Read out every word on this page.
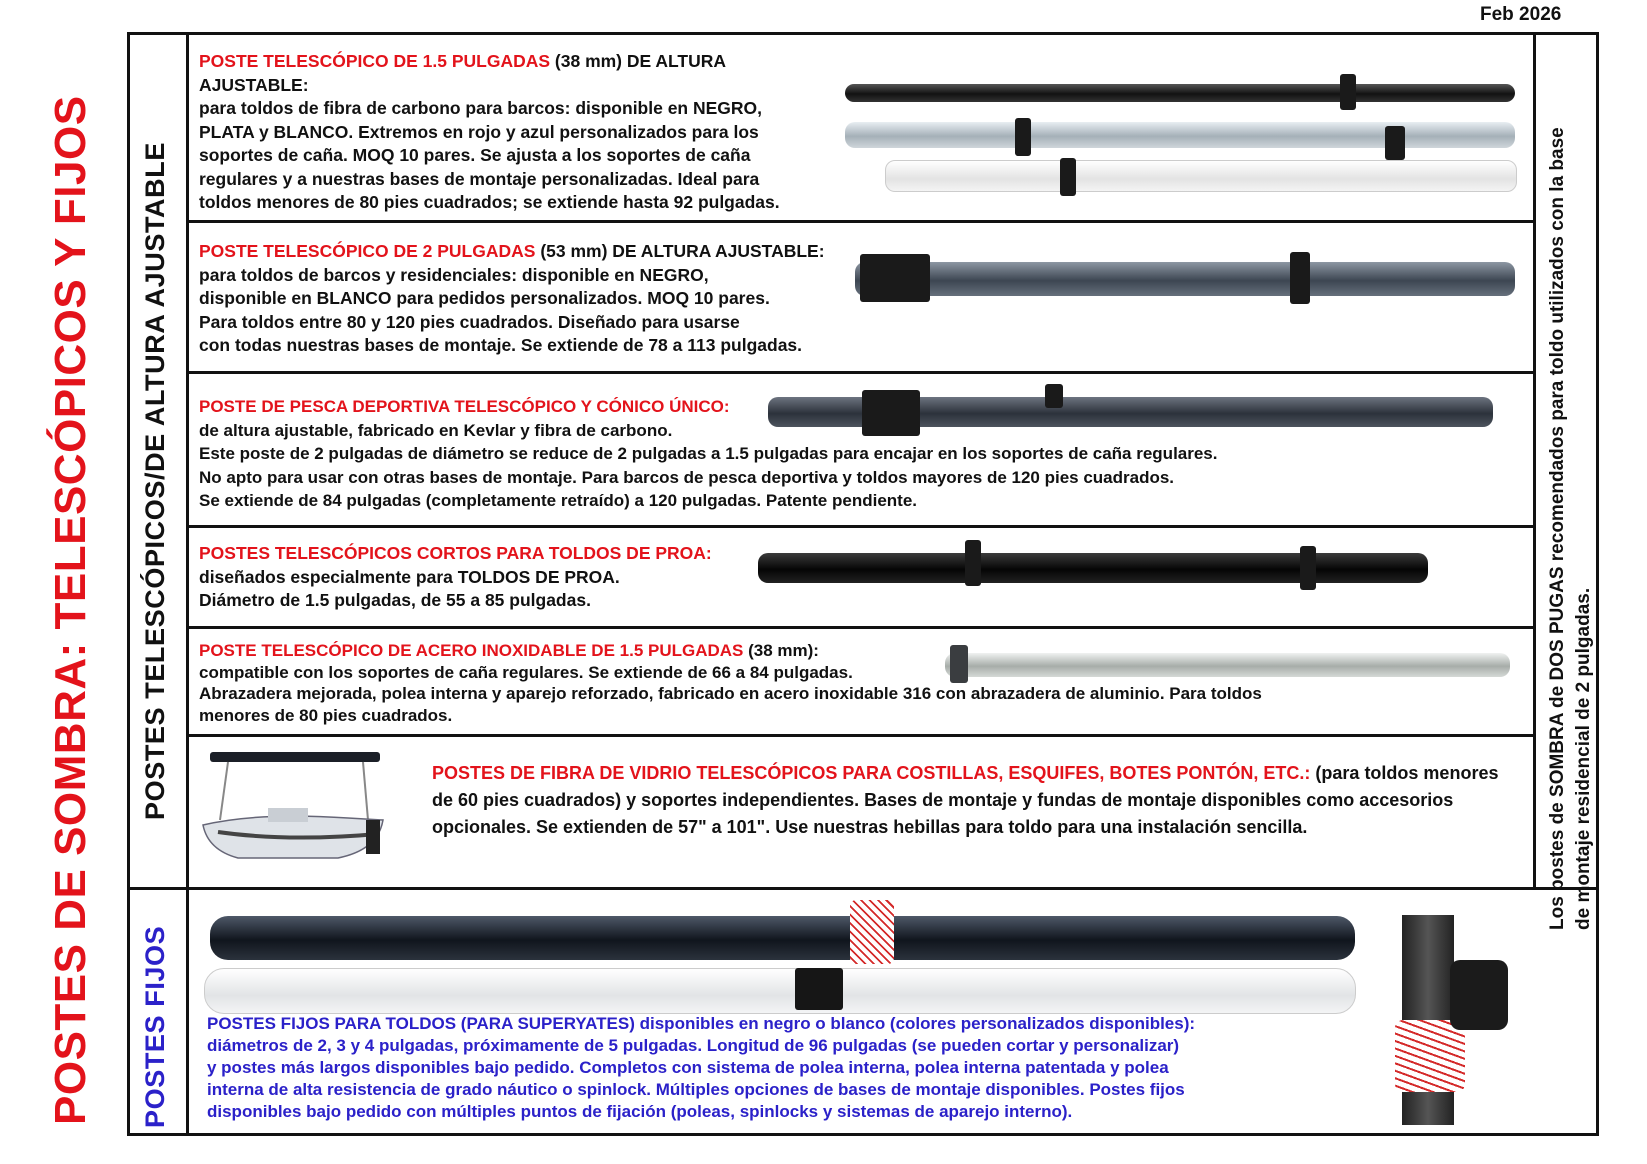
Feb 2026
POSTES DE SOMBRA: TELESCÓPICOS Y FIJOS POSTES TELESCÓPICOS/DE ALTURA AJUSTABLE
POSTES FIJOS
Los postes de SOMBRA de DOS PUGAS recomendados para toldo utilizados con la base de montaje residencial de 2 pulgadas.
POSTE TELESCÓPICO DE 1.5 PULGADAS (38 mm) DE ALTURA AJUSTABLE:
para toldos de fibra de carbono para barcos: disponible en NEGRO,
PLATA y BLANCO. Extremos en rojo y azul personalizados para los
soportes de caña. MOQ 10 pares. Se ajusta a los soportes de caña
regulares y a nuestras bases de montaje personalizadas. Ideal para
toldos menores de 80 pies cuadrados; se extiende hasta 92 pulgadas.
POSTE TELESCÓPICO DE 2 PULGADAS (53 mm) DE ALTURA AJUSTABLE:
para toldos de barcos y residenciales: disponible en NEGRO,
disponible en BLANCO para pedidos personalizados. MOQ 10 pares.
Para toldos entre 80 y 120 pies cuadrados. Diseñado para usarse
con todas nuestras bases de montaje. Se extiende de 78 a 113 pulgadas.
POSTE DE PESCA DEPORTIVA TELESCÓPICO Y CÓNICO ÚNICO:
de altura ajustable, fabricado en Kevlar y fibra de carbono.
Este poste de 2 pulgadas de diámetro se reduce de 2 pulgadas a 1.5 pulgadas para encajar en los soportes de caña regulares.
No apto para usar con otras bases de montaje. Para barcos de pesca deportiva y toldos mayores de 120 pies cuadrados.
Se extiende de 84 pulgadas (completamente retraído) a 120 pulgadas. Patente pendiente.
POSTES TELESCÓPICOS CORTOS PARA TOLDOS DE PROA:
diseñados especialmente para TOLDOS DE PROA.
Diámetro de 1.5 pulgadas, de 55 a 85 pulgadas.
POSTE TELESCÓPICO DE ACERO INOXIDABLE DE 1.5 PULGADAS (38 mm):
compatible con los soportes de caña regulares. Se extiende de 66 a 84 pulgadas.
Abrazadera mejorada, polea interna y aparejo reforzado, fabricado en acero inoxidable 316 con abrazadera de aluminio. Para toldos
menores de 80 pies cuadrados.
POSTES DE FIBRA DE VIDRIO TELESCÓPICOS PARA COSTILLAS, ESQUIFES, BOTES PONTÓN, ETC.: (para toldos menores
de 60 pies cuadrados) y soportes independientes. Bases de montaje y fundas de montaje disponibles como accesorios
opcionales. Se extienden de 57" a 101". Use nuestras hebillas para toldo para una instalación sencilla.
POSTES FIJOS PARA TOLDOS (PARA SUPERYATES) disponibles en negro o blanco (colores personalizados disponibles):
diámetros de 2, 3 y 4 pulgadas, próximamente de 5 pulgadas. Longitud de 96 pulgadas (se pueden cortar y personalizar)
y postes más largos disponibles bajo pedido. Completos con sistema de polea interna, polea interna patentada y polea
interna de alta resistencia de grado náutico o spinlock. Múltiples opciones de bases de montaje disponibles. Postes fijos
disponibles bajo pedido con múltiples puntos de fijación (poleas, spinlocks y sistemas de aparejo interno).
